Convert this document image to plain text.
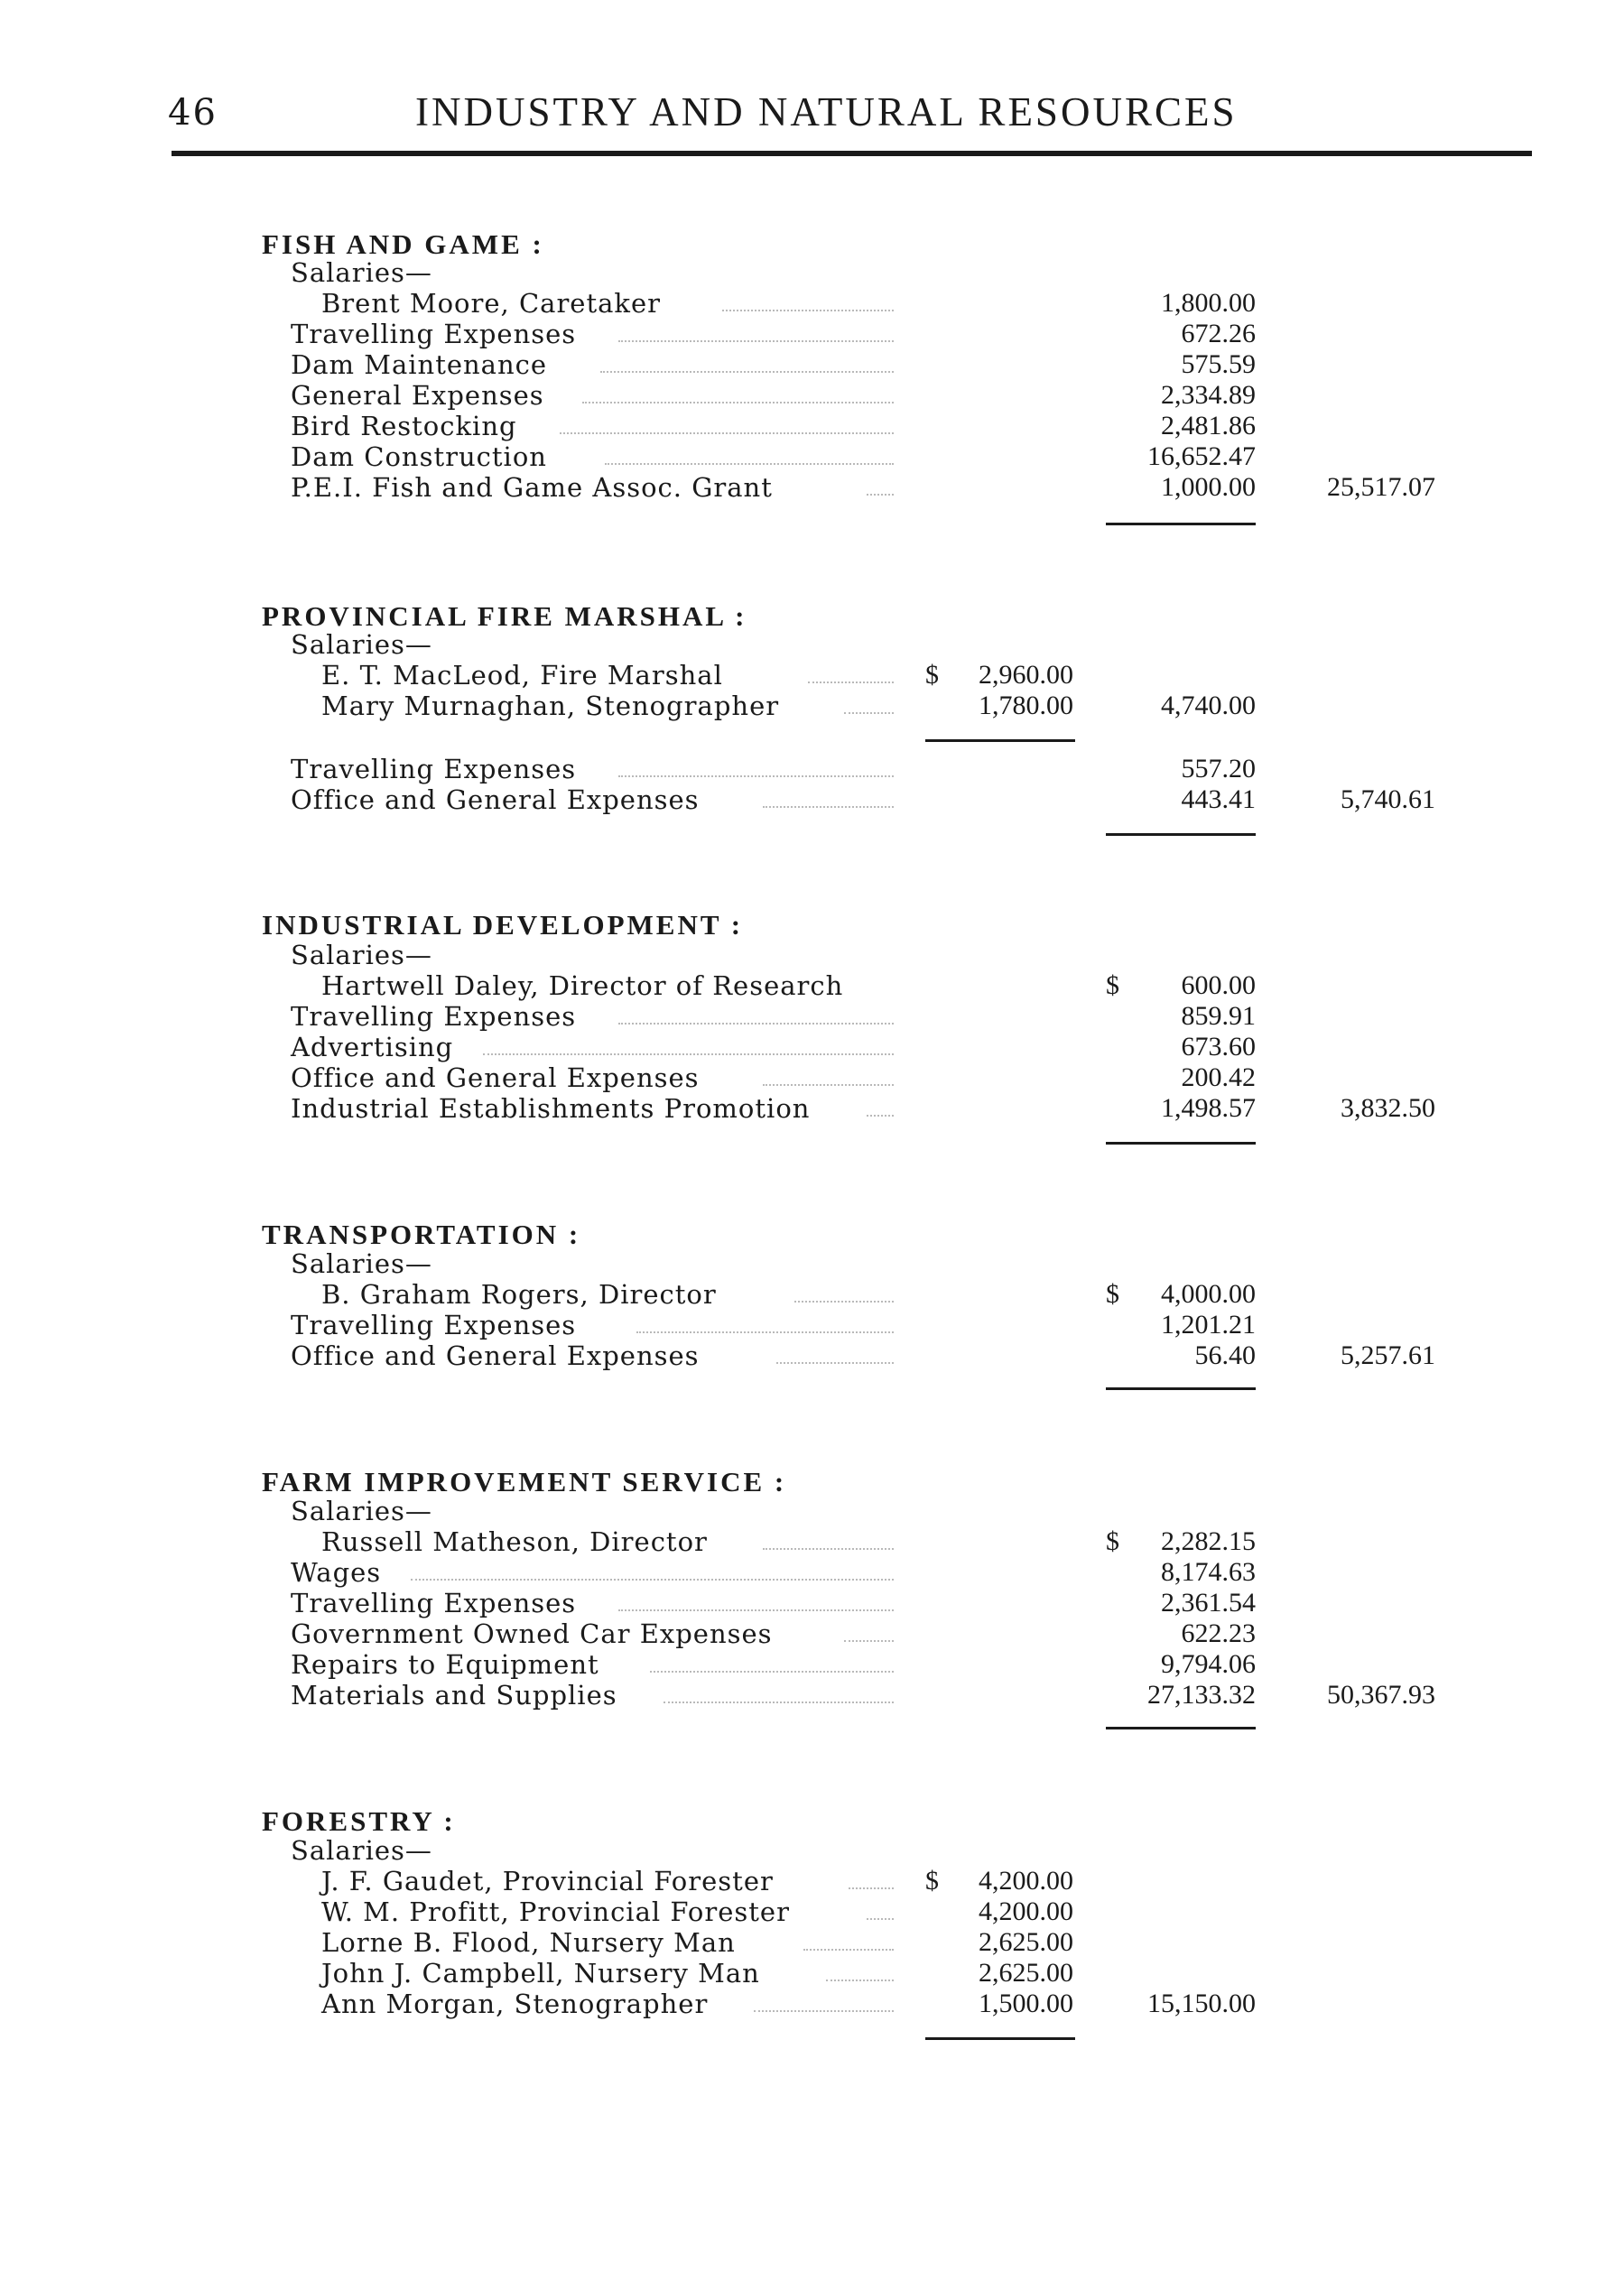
46	INDUSTRY AND NATURAL RESOURCES
FISH AND GAME :
Salaries—
Brent Moore, Caretaker	1,800.00
Travelling Expenses	672.26
Dam Maintenance	575.59
General Expenses	2,334.89
Bird Restocking	2,481.86
Dam Construction	16,652.47
P.E.I. Fish and Game Assoc. Grant	1,000.00	25,517.07
PROVINCIAL FIRE MARSHAL :
Salaries—
E. T. MacLeod, Fire Marshal	$ 2,960.00
Mary Murnaghan, Stenographer	1,780.00	4,740.00
Travelling Expenses	557.20
Office and General Expenses	443.41	5,740.61
INDUSTRIAL DEVELOPMENT :
Salaries—
Hartwell Daley, Director of Research	$ 600.00
Travelling Expenses	859.91
Advertising	673.60
Office and General Expenses	200.42
Industrial Establishments Promotion	1,498.57	3,832.50
TRANSPORTATION :
Salaries—
B. Graham Rogers, Director	$ 4,000.00
Travelling Expenses	1,201.21
Office and General Expenses	56.40	5,257.61
FARM IMPROVEMENT SERVICE :
Salaries—
Russell Matheson, Director	$ 2,282.15
Wages	8,174.63
Travelling Expenses	2,361.54
Government Owned Car Expenses	622.23
Repairs to Equipment	9,794.06
Materials and Supplies	27,133.32	50,367.93
FORESTRY :
Salaries—
J. F. Gaudet, Provincial Forester	$ 4,200.00
W. M. Profitt, Provincial Forester	4,200.00
Lorne B. Flood, Nursery Man	2,625.00
John J. Campbell, Nursery Man	2,625.00
Ann Morgan, Stenographer	1,500.00	15,150.00
